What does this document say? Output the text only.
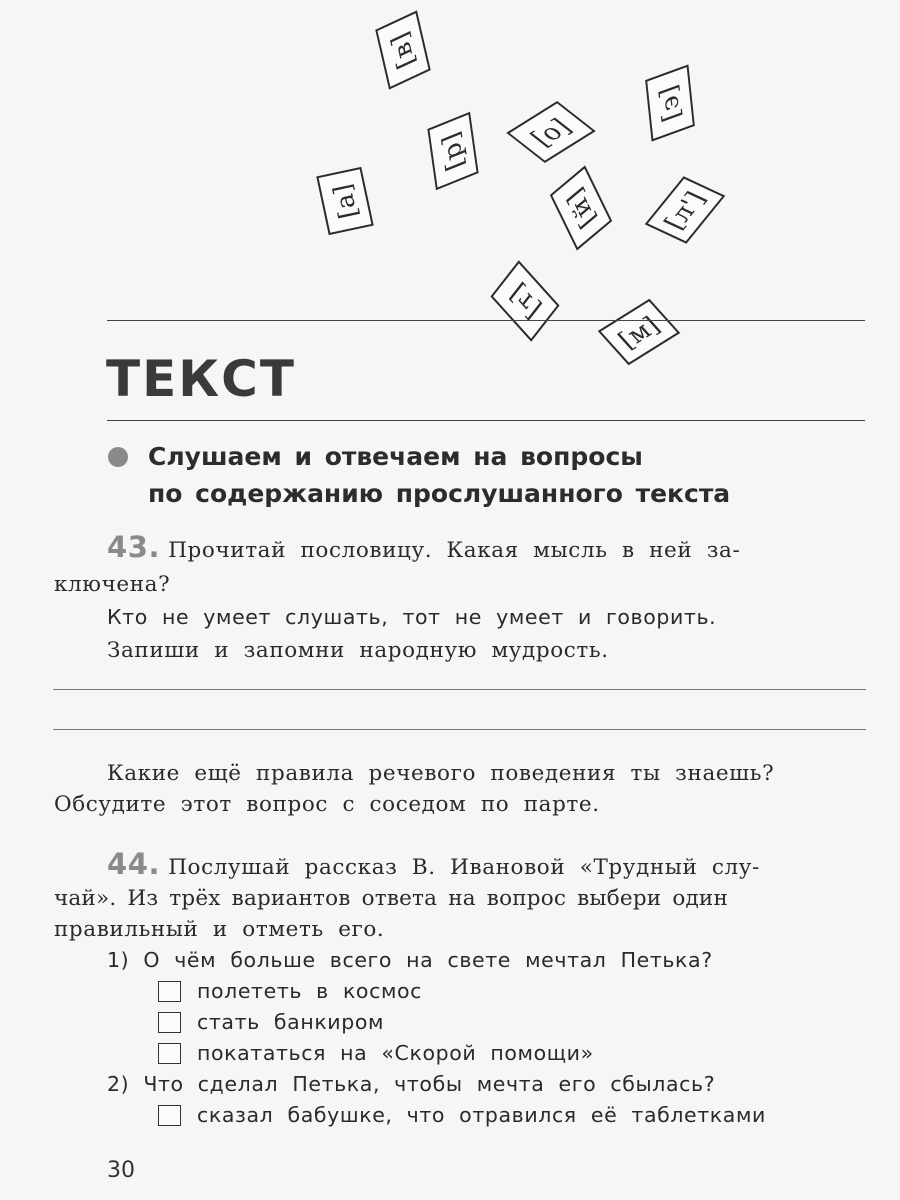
[а]
[в]
[р] [о]
[э]
[й] [л']
[т]
[м]
ТЕКСТ
Слушаем и отвечаем на вопросы
по содержанию прослушанного текста
43. Прочитай пословицу. Какая мысль в ней за-
ключена?
Кто не умеет слушать, тот не умеет и говорить.
Запиши и запомни народную мудрость.
Какие ещё правила речевого поведения ты знаешь?
Обсудите этот вопрос с соседом по парте.
44. Послушай рассказ В. Ивановой «Трудный слу-
чай». Из трёх вариантов ответа на вопрос выбери один
правильный и отметь его.
1) О чём больше всего на свете мечтал Петька?
полететь в космос
стать банкиром
покататься на «Скорой помощи»
2) Что сделал Петька, чтобы мечта его сбылась?
сказал бабушке, что отравился её таблетками
30
